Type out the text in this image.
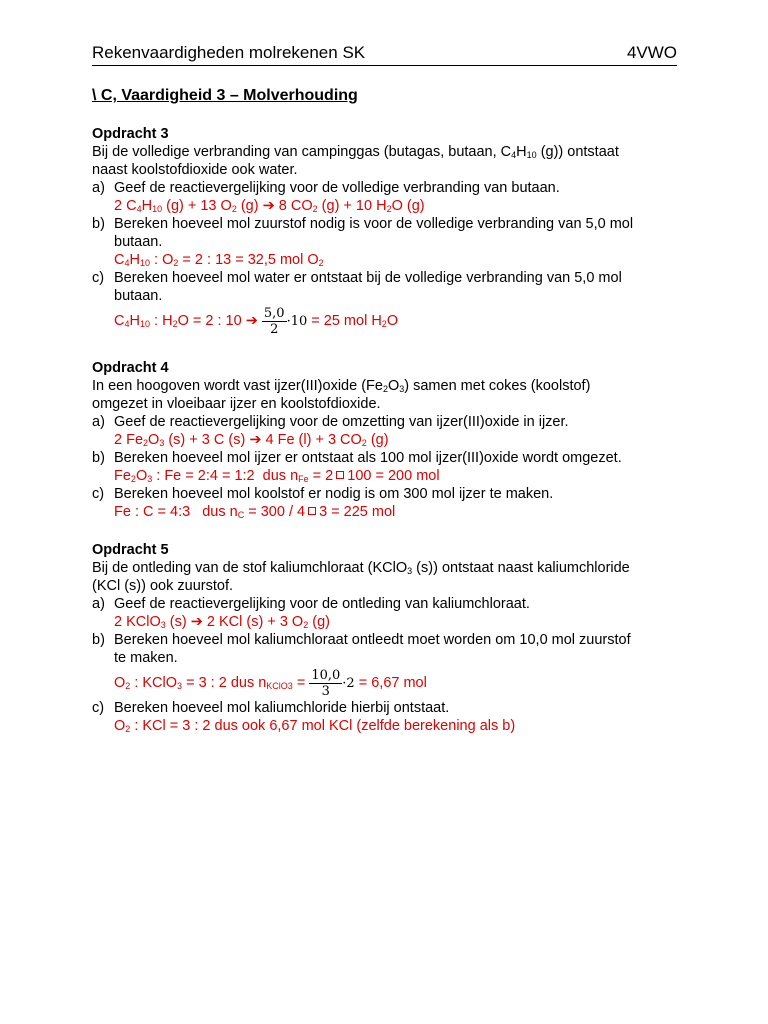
Rekenvaardigheden molrekenen SK	4VWO
\ C, Vaardigheid 3 – Molverhouding
Opdracht 3
Bij de volledige verbranding van campinggas (butagas, butaan, $C_4H_{10}$ (g)) ontstaat
naast koolstofdioxide ook water.
a) Geef de reactievergelijking voor de volledige verbranding van butaan.
2 $C_4H_{10}$ (g) + 13 $O_2$ (g) ➔ 8 $CO_2$ (g) + 10 $H_2O$ (g)
b) Bereken hoeveel mol zuurstof nodig is voor de volledige verbranding van 5,0 mol
butaan.
$C_4H_{10}$ : $O_2 = 2$ : 13 = 32,5 mol $O_2$
c) Bereken hoeveel mol water er ontstaat bij de volledige verbranding van 5,0 mol
butaan.
$C_4H_{10}$ : $H_2O = 2$ : 10 ➔ $\frac{5,0}{2} \cdot 10 = 25$ mol $H_2O$
Opdracht 4
In een hoogoven wordt vast ijzer(III)oxide $(Fe_2O_3)$ samen met cokes (koolstof)
omgezet in vloeibaar ijzer en koolstofdioxide.
a) Geef de reactievergelijking voor de omzetting van ijzer(III)oxide in ijzer.
2 $Fe_2O_3$ (s) + 3 C (s) ➔ 4 Fe (l) + 3 $CO_2$ (g)
b) Bereken hoeveel mol ijzer er ontstaat als 100 mol ijzer(III)oxide wordt omgezet.
$Fe_2O_3$ : Fe = 2:4 = 1:2  dus $n_{Fe} = 2$ 100 = 200 mol
c) Bereken hoeveel mol koolstof er nodig is om 300 mol ijzer te maken.
Fe : C = 4:3   dus $n_C = 300 / 4$ 3 = 225 mol
Opdracht 5
Bij de ontleding van de stof kaliumchloraat (KClO$_3$ (s)) ontstaat naast kaliumchloride
(KCl (s)) ook zuurstof.
a) Geef de reactievergelijking voor de ontleding van kaliumchloraat.
2 KClO$_3$ (s) ➔ 2 KCl (s) + 3 $O_2$ (g)
b) Bereken hoeveel mol kaliumchloraat ontleedt moet worden om 10,0 mol zuurstof
te maken.
$O_2$ : KClO$_3$ = 3 : 2 dus $n_{KClO3} = \frac{10,0}{3} \cdot 2 = 6,67$ mol
c) Bereken hoeveel mol kaliumchloride hierbij ontstaat.
$O_2$ : KCl = 3 : 2 dus ook 6,67 mol KCl (zelfde berekening als b)
